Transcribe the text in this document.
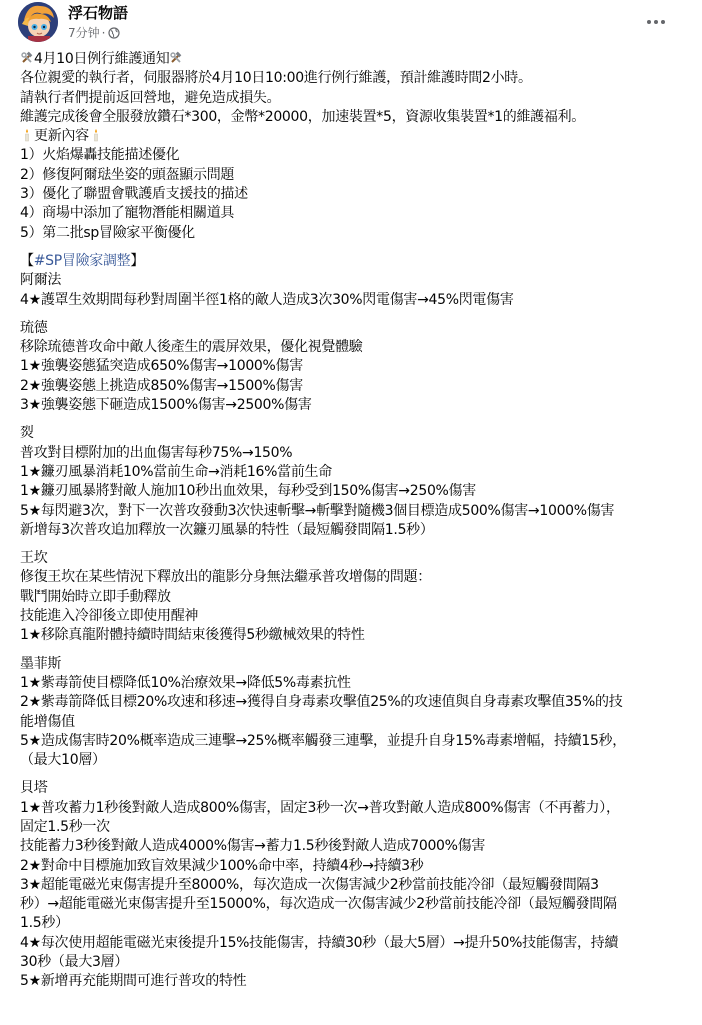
浮石物語
7分钟 ·
4月10日例行維護通知
各位親愛的執行者，伺服器將於4月10日10:00進行例行維護，預計維護時間2小時。
請執行者們提前返回營地，避免造成損失。
維護完成後會全服發放鑽石*300，金幣*20000，加速裝置*5，資源收集裝置*1的維護福利。
更新內容
1）火焰爆轟技能描述優化
2）修復阿爾琺坐姿的頭盔顯示問題
3）優化了聯盟會戰護盾支援技的描述
4）商場中添加了寵物潛能相關道具
5）第二批sp冒險家平衡優化
【#SP冒險家調整】
阿爾法
4★護罩生效期間每秒對周圍半徑1格的敵人造成3次30%閃電傷害→45%閃電傷害
琉德
移除琉德普攻命中敵人後產生的震屏效果，優化視覺體驗
1★強襲姿態猛突造成650%傷害→1000%傷害
2★強襲姿態上挑造成850%傷害→1500%傷害
3★強襲姿態下砸造成1500%傷害→2500%傷害
烮
普攻對目標附加的出血傷害每秒75%→150%
1★鐮刃風暴消耗10%當前生命→消耗16%當前生命
1★鐮刃風暴將對敵人施加10秒出血效果，每秒受到150%傷害→250%傷害
5★每閃避3次，對下一次普攻發動3次快速斬擊→斬擊對隨機3個目標造成500%傷害→1000%傷害
新增每3次普攻追加釋放一次鐮刃風暴的特性（最短觸發間隔1.5秒）
王坎
修復王坎在某些情況下釋放出的龍影分身無法繼承普攻增傷的問題：
戰鬥開始時立即手動釋放
技能進入冷卻後立即使用醒神
1★移除真龍附體持續時間結束後獲得5秒繳械效果的特性
墨菲斯
1★紫毒箭使目標降低10%治療效果→降低5%毒素抗性
2★紫毒箭降低目標20%攻速和移速→獲得自身毒素攻擊值25%的攻速值與自身毒素攻擊值35%的技
能增傷值
5★造成傷害時20%概率造成三連擊→25%概率觸發三連擊，並提升自身15%毒素增幅，持續15秒，
（最大10層）
貝塔
1★普攻蓄力1秒後對敵人造成800%傷害，固定3秒一次→普攻對敵人造成800%傷害（不再蓄力），
固定1.5秒一次
技能蓄力3秒後對敵人造成4000%傷害→蓄力1.5秒後對敵人造成7000%傷害
2★對命中目標施加致盲效果減少100%命中率，持續4秒→持續3秒
3★超能電磁光束傷害提升至8000%，每次造成一次傷害減少2秒當前技能冷卻（最短觸發間隔3
秒）→超能電磁光束傷害提升至15000%，每次造成一次傷害減少2秒當前技能冷卻（最短觸發間隔
1.5秒）
4★每次使用超能電磁光束後提升15%技能傷害，持續30秒（最大5層）→提升50%技能傷害，持續
30秒（最大3層）
5★新增再充能期間可進行普攻的特性
